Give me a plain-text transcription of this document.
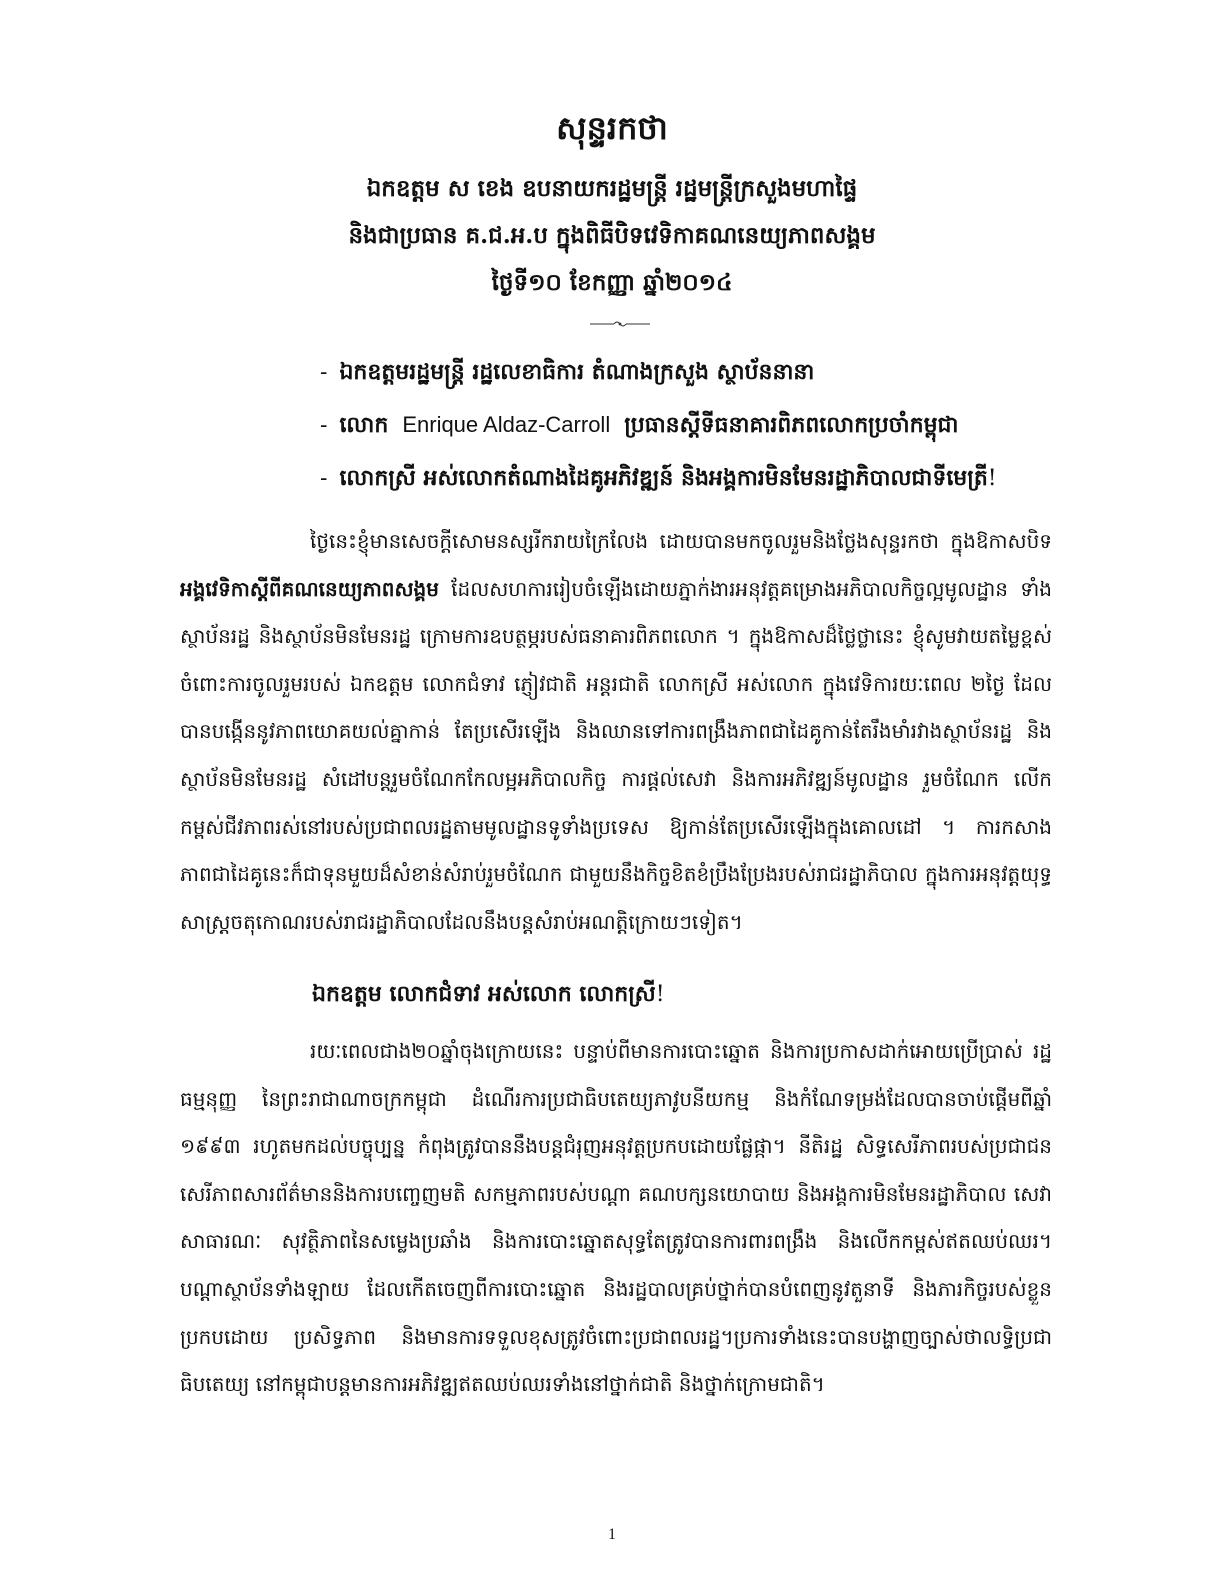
សុន្ទរកថា
ឯកឧត្តម ស ខេង ឧបនាយករដ្ឋមន្ត្រី រដ្ឋមន្ត្រីក្រសួងមហាផ្ទៃ
និងជាប្រធាន គ.ជ.អ.ប ក្នុងពិធីបិទវេទិកាគណនេយ្យភាពសង្គម
ថ្ងៃទី១០ ខែកញ្ញា ឆ្នាំ២០១៤
- ឯកឧត្តមរដ្ឋមន្ត្រី រដ្ឋលេខាធិការ តំណាងក្រសួង ស្ថាប័ននានា
- លោក Enrique Aldaz-Carroll ប្រធានស្តីទីធនាគារពិភពលោកប្រចាំកម្ពុជា
- លោកស្រី អស់លោកតំណាងដៃគូអភិវឌ្ឍន៍ និងអង្គការមិនមែនរដ្ឋាភិបាលជាទីមេត្រី!

ថ្ងៃនេះខ្ញុំមានសេចក្តីសោមនស្សរីករាយក្រៃលែង ដោយបានមកចូលរួមនិងថ្លែងសុន្ទរកថា ក្នុងឱកាសបិទ អង្គវេទិកាស្តីពីគណនេយ្យភាពសង្គម ដែលសហការរៀបចំឡើងដោយភ្នាក់ងារអនុវត្តគម្រោងអភិបាលកិច្ចល្អមូលដ្ឋាន ទាំងស្ថាប័នរដ្ឋ និងស្ថាប័នមិនមែនរដ្ឋ ក្រោមការឧបត្ថម្ភរបស់ធនាគារពិភពលោក ។ ក្នុងឱកាសដ៏ថ្លៃថ្លានេះ ខ្ញុំសូមវាយតម្លៃខ្ពស់ចំពោះការចូលរួមរបស់ ឯកឧត្តម លោកជំទាវ ភ្ញៀវជាតិ អន្តរជាតិ លោកស្រី អស់លោក ក្នុងវេទិការយៈពេល ២ថ្ងៃ ដែលបានបង្កើននូវភាពយោគយល់គ្នាកាន់ តែប្រសើរឡើង និងឈានទៅការពង្រឹងភាពជាដៃគូកាន់តែរឹងមាំរវាងស្ថាប័នរដ្ឋ និងស្ថាប័នមិនមែនរដ្ឋ សំដៅបន្តរួមចំណែកកែលម្អអភិបាលកិច្ច ការផ្តល់សេវា និងការអភិវឌ្ឍន៍មូលដ្ឋាន រួមចំណែក លើកកម្ពស់ជីវភាពរស់នៅរបស់ប្រជាពលរដ្ឋតាមមូលដ្ឋានទូទាំងប្រទេស ឱ្យកាន់តែប្រសើរឡើងក្នុងគោលដៅ ។ ការកសាងភាពជាដៃគូនេះក៏ជាទុនមួយដ៏សំខាន់សំរាប់រួមចំណែក ជាមួយនឹងកិច្ចខិតខំប្រឹងប្រែងរបស់រាជរដ្ឋាភិបាល ក្នុងការអនុវត្តយុទ្ធសាស្ត្រចតុកោណរបស់រាជរដ្ឋាភិបាលដែលនឹងបន្តសំរាប់អណត្តិក្រោយៗទៀត។

ឯកឧត្តម លោកជំទាវ អស់លោក លោកស្រី!

រយៈពេលជាង២០ឆ្នាំចុងក្រោយនេះ បន្ទាប់ពីមានការបោះឆ្នោត និងការប្រកាសដាក់អោយប្រើប្រាស់ រដ្ឋធម្មនុញ្ញ នៃព្រះរាជាណាចក្រកម្ពុជា ដំណើរការប្រជាធិបតេយ្យភាវូបនីយកម្ម និងកំណែទម្រង់ដែលបានចាប់ផ្តើមពីឆ្នាំ ១៩៩៣ រហូតមកដល់បច្ចុប្បន្ន កំពុងត្រូវបាននឹងបន្តជំរុញអនុវត្តប្រកបដោយផ្លែផ្កា។ នីតិរដ្ឋ សិទ្ធសេរីភាពរបស់ប្រជាជន សេរីភាពសារព័ត៌មាននិងការបញ្ចេញមតិ សកម្មភាពរបស់បណ្តា គណបក្សនយោបាយ និងអង្គការមិនមែនរដ្ឋាភិបាល សេវាសាធារណៈ សុវត្ថិភាពនៃសម្លេងប្រឆាំង និងការបោះឆ្នោតសុទ្ធតែត្រូវបានការពារពង្រឹង និងលើកកម្ពស់ឥតឈប់ឈរ។ បណ្តាស្ថាប័នទាំងឡាយ ដែលកើតចេញពីការបោះឆ្នោត និងរដ្ឋបាលគ្រប់ថ្នាក់បានបំពេញនូវតួនាទី និងភារកិច្ចរបស់ខ្លួន ប្រកបដោយ ប្រសិទ្ធភាព និងមានការទទួលខុសត្រូវចំពោះប្រជាពលរដ្ឋ។ប្រការទាំងនេះបានបង្ហាញច្បាស់ថាលទ្ធិប្រជាធិបតេយ្យ នៅកម្ពុជាបន្តមានការអភិវឌ្ឍឥតឈប់ឈរទាំងនៅថ្នាក់ជាតិ និងថ្នាក់ក្រោមជាតិ។

1
